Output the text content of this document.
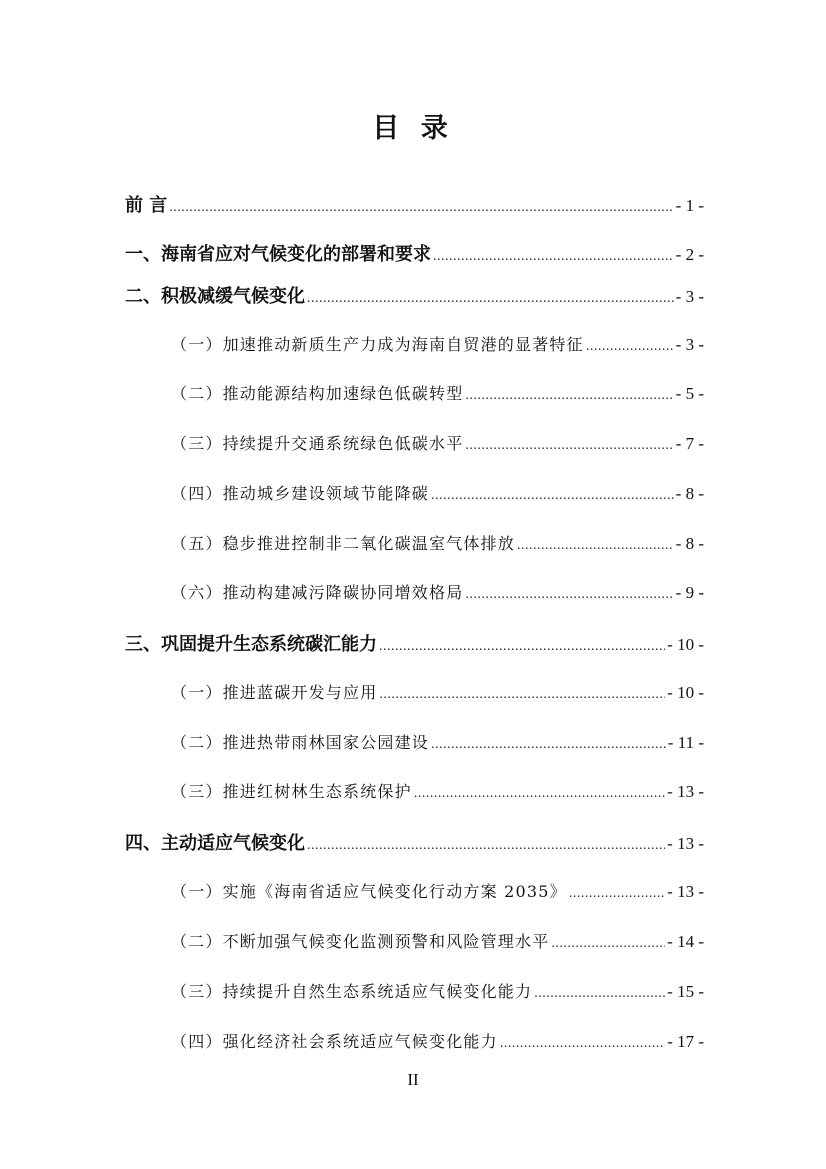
目 录
前 言 .....	- 1 -
一、海南省应对气候变化的部署和要求 .....	- 2 -
二、积极减缓气候变化 .....	- 3 -
（一）加速推动新质生产力成为海南自贸港的显著特征 .....	- 3 -
（二）推动能源结构加速绿色低碳转型 .....	- 5 -
（三）持续提升交通系统绿色低碳水平 .....	- 7 -
（四）推动城乡建设领域节能降碳 .....	- 8 -
（五）稳步推进控制非二氧化碳温室气体排放 .....	- 8 -
（六）推动构建减污降碳协同增效格局 .....	- 9 -
三、巩固提升生态系统碳汇能力 .....	- 10 -
（一）推进蓝碳开发与应用 .....	- 10 -
（二）推进热带雨林国家公园建设 .....	- 11 -
（三）推进红树林生态系统保护 .....	- 13 -
四、主动适应气候变化 .....	- 13 -
（一）实施《海南省适应气候变化行动方案 2035》 .....	- 13 -
（二）不断加强气候变化监测预警和风险管理水平 .....	- 14 -
（三）持续提升自然生态系统适应气候变化能力 .....	- 15 -
（四）强化经济社会系统适应气候变化能力 .....	- 17 -
II
